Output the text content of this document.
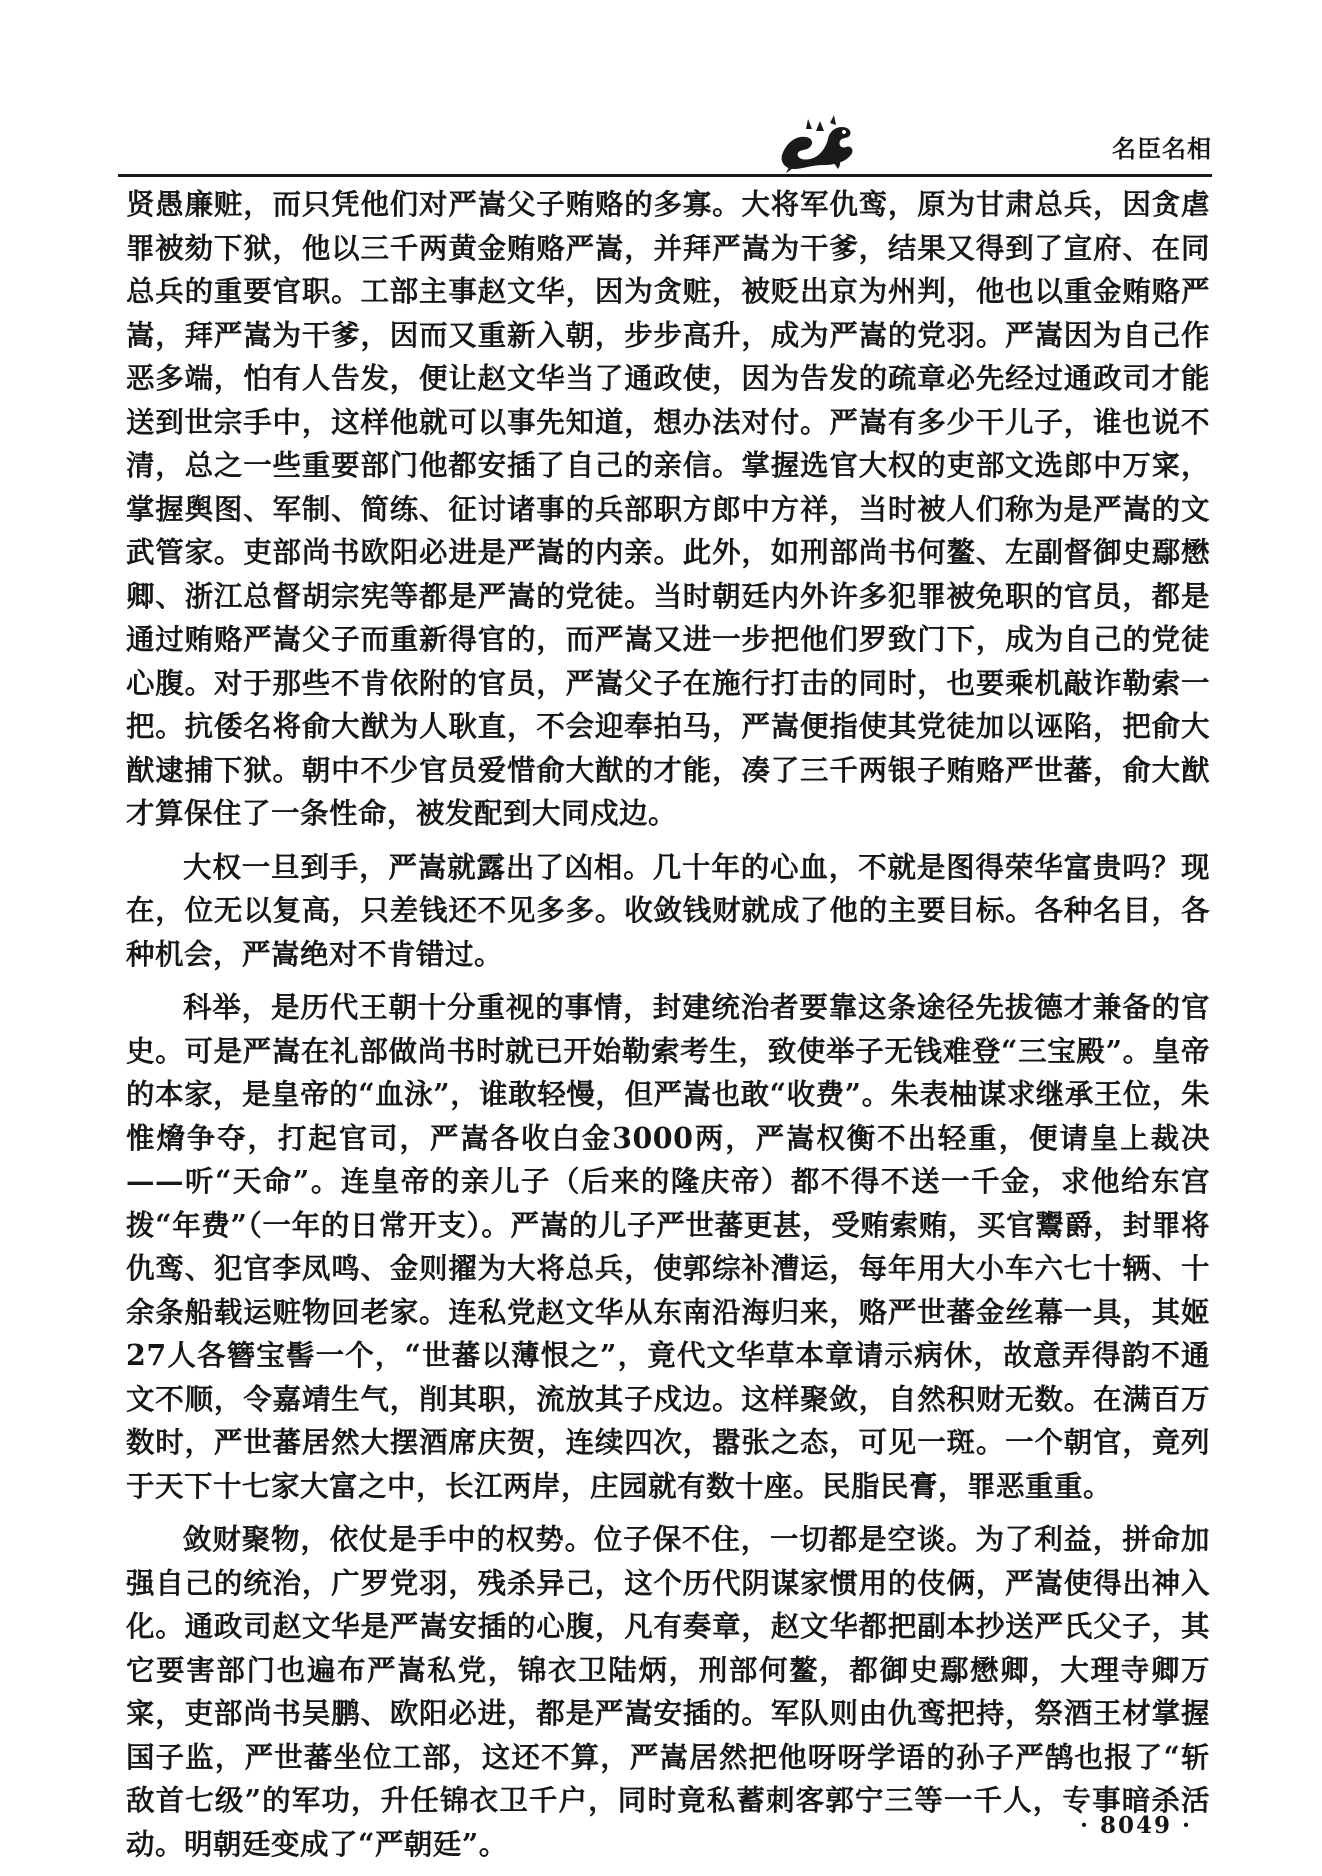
名臣名相

贤愚廉赃，而只凭他们对严嵩父子贿赂的多寡。大将军仇鸾，原为甘肃总兵，因贪虐罪被劾下狱，他以三千两黄金贿赂严嵩，并拜严嵩为干爹，结果又得到了宣府、在同总兵的重要官职。工部主事赵文华，因为贪赃，被贬出京为州判，他也以重金贿赂严嵩，拜严嵩为干爹，因而又重新入朝，步步高升，成为严嵩的党羽。严嵩因为自己作恶多端，怕有人告发，便让赵文华当了通政使，因为告发的疏章必先经过通政司才能送到世宗手中，这样他就可以事先知道，想办法对付。严嵩有多少干儿子，谁也说不清，总之一些重要部门他都安插了自己的亲信。掌握选官大权的吏部文选郎中万寀，掌握舆图、军制、简练、征讨诸事的兵部职方郎中方祥，当时被人们称为是严嵩的文武管家。吏部尚书欧阳必进是严嵩的内亲。此外，如刑部尚书何鳌、左副督御史鄢懋卿、浙江总督胡宗宪等都是严嵩的党徒。当时朝廷内外许多犯罪被免职的官员，都是通过贿赂严嵩父子而重新得官的，而严嵩又进一步把他们罗致门下，成为自己的党徒心腹。对于那些不肯依附的官员，严嵩父子在施行打击的同时，也要乘机敲诈勒索一把。抗倭名将俞大猷为人耿直，不会迎奉拍马，严嵩便指使其党徒加以诬陷，把俞大猷逮捕下狱。朝中不少官员爱惜俞大猷的才能，凑了三千两银子贿赂严世蕃，俞大猷才算保住了一条性命，被发配到大同戍边。

大权一旦到手，严嵩就露出了凶相。几十年的心血，不就是图得荣华富贵吗？现在，位无以复高，只差钱还不见多多。收敛钱财就成了他的主要目标。各种名目，各种机会，严嵩绝对不肯错过。

科举，是历代王朝十分重视的事情，封建统治者要靠这条途径先拔德才兼备的官史。可是严嵩在礼部做尚书时就已开始勒索考生，致使举子无钱难登“三宝殿”。皇帝的本家，是皇帝的“血泳”，谁敢轻慢，但严嵩也敢“收费”。朱表柚谋求继承王位，朱惟熁争夺，打起官司，严嵩各收白金3000两，严嵩权衡不出轻重，便请皇上裁决——听“天命”。连皇帝的亲儿子（后来的隆庆帝）都不得不送一千金，求他给东宫拨“年费”（一年的日常开支）。严嵩的儿子严世蕃更甚，受贿索贿，买官鬻爵，封罪将仇鸾、犯官李凤鸣、金则擢为大将总兵，使郭综补漕运，每年用大小车六七十辆、十余条船载运赃物回老家。连私党赵文华从东南沿海归来，赂严世蕃金丝幕一具，其姬27人各簪宝髻一个，“世蕃以薄恨之”，竟代文华草本章请示病休，故意弄得韵不通文不顺，令嘉靖生气，削其职，流放其子戍边。这样聚敛，自然积财无数。在满百万数时，严世蕃居然大摆酒席庆贺，连续四次，嚣张之态，可见一斑。一个朝官，竟列于天下十七家大富之中，长江两岸，庄园就有数十座。民脂民膏，罪恶重重。

敛财聚物，依仗是手中的权势。位子保不住，一切都是空谈。为了利益，拼命加强自己的统治，广罗党羽，残杀异己，这个历代阴谋家惯用的伎俩，严嵩使得出神入化。通政司赵文华是严嵩安插的心腹，凡有奏章，赵文华都把副本抄送严氏父子，其它要害部门也遍布严嵩私党，锦衣卫陆炳，刑部何鳌，都御史鄢懋卿，大理寺卿万寀，吏部尚书吴鹏、欧阳必进，都是严嵩安插的。军队则由仇鸾把持，祭酒王材掌握国子监，严世蕃坐位工部，这还不算，严嵩居然把他呀呀学语的孙子严鹄也报了“斩敌首七级”的军功，升任锦衣卫千户，同时竟私蓄刺客郭宁三等一千人，专事暗杀活动。明朝廷变成了“严朝廷”。

· 8049 ·
